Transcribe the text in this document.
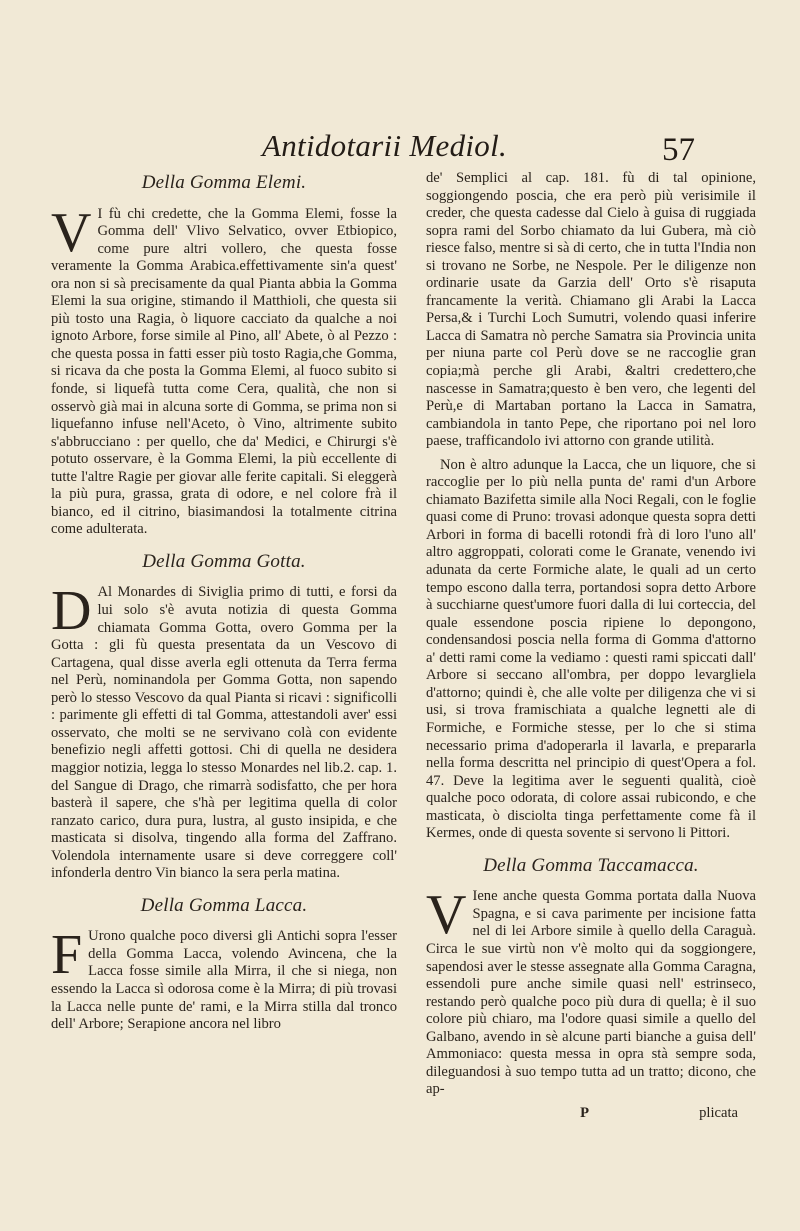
Antidotarii Mediol.	57
Della Gomma Elemi.

V I fù chi credette, che la Gomma Elemi, fosse la Gomma dell' Vlivo Selvatico, ovver Etbiopico, come pure altri vollero, che questa fosse veramente la Gomma Arabica.effettivamente sin'a quest' ora non si sà precisamente da qual Pianta abbia la Gomma Elemi la sua origine, stimando il Matthioli, che questa sii più tosto una Ragia, ò liquore cacciato da qualche a noi ignoto Arbore, forse simile al Pino, all' Abete, ò al Pezzo : che questa possa in fatti esser più tosto Ragia,che Gomma, si ricava da che posta la Gomma Elemi, al fuoco subito si fonde, si liquefà tutta come Cera, qualità, che non si osservò già mai in alcuna sorte di Gomma, se prima non si liquefanno infuse nell'Aceto, ò Vino, altrimente subito s'abbrucciano : per quello, che da' Medici, e Chirurgi s'è potuto osservare, è la Gomma Elemi, la più eccellente di tutte l'altre Ragie per giovar alle ferite capitali. Si eleggerà la più pura, grassa, grata di odore, e nel colore frà il bianco, ed il citrino, biasimandosi la totalmente citrina come adulterata.

Della Gomma Gotta.

D Al Monardes di Siviglia primo di tutti, e forsi da lui solo s'è avuta notizia di questa Gomma chiamata Gomma Gotta, overo Gomma per la Gotta : gli fù questa presentata da un Vescovo di Cartagena, qual disse averla egli ottenuta da Terra ferma nel Perù, nominandola per Gomma Gotta, non sapendo però lo stesso Vescovo da qual Pianta si ricavi : significolli : parimente gli effetti di tal Gomma, attestandoli aver' essi osservato, che molti se ne servivano colà con evidente benefizio negli affetti gottosi. Chi di quella ne desidera maggior notizia, legga lo stesso Monardes nel lib.2. cap. 1. del Sangue di Drago, che rimarrà sodisfatto, che per hora basterà il sapere, che s'hà per legitima quella di color ranzato carico, dura pura, lustra, al gusto insipida, e che masticata si disolva, tingendo alla forma del Zaffrano. Volendola internamente usare si deve correggere coll' infonderla dentro Vin bianco la sera perla matina.

Della Gomma Lacca.

F Urono qualche poco diversi gli Antichi sopra l'esser della Gomma Lacca, volendo Avincena, che la Lacca fosse simile alla Mirra, il che si niega, non essendo la Lacca sì odorosa come è la Mirra; di più trovasi la Lacca nelle punte de' rami, e la Mirra stilla dal tronco dell' Arbore; Serapione ancora nel libro

de' Semplici al cap. 181. fù di tal opinione, soggiongendo poscia, che era però più verisimile il creder, che questa cadesse dal Cielo à guisa di ruggiada sopra rami del Sorbo chiamato da lui Gubera, mà ciò riesce falso, mentre si sà di certo, che in tutta l'India non si trovano ne Sorbe, ne Nespole. Per le diligenze non ordinarie usate da Garzia dell' Orto s'è risaputa francamente la verità. Chiamano gli Arabi la Lacca Persa,& i Turchi Loch Sumutri, volendo quasi inferire Lacca di Samatra nò perche Samatra sia Provincia unita per niuna parte col Perù dove se ne raccoglie gran copia;mà perche gli Arabi, &altri credettero,che nascesse in Samatra;questo è ben vero, che legenti del Perù,e di Martaban portano la Lacca in Samatra, cambiandola in tanto Pepe, che riportano poi nel loro paese, trafficandolo ivi attorno con grande utilità.

Non è altro adunque la Lacca, che un liquore, che si raccoglie per lo più nella punta de' rami d'un Arbore chiamato Bazifetta simile alla Noci Regali, con le foglie quasi come di Pruno: trovasi adonque questa sopra detti Arbori in forma di bacelli rotondi frà di loro l'uno all' altro aggroppati, colorati come le Granate, venendo ivi adunata da certe Formiche alate, le quali ad un certo tempo escono dalla terra, portandosi sopra detto Arbore à succhiarne quest'umore fuori dalla di lui corteccia, del quale essendone poscia ripiene lo depongono, condensandosi poscia nella forma di Gomma d'attorno a' detti rami come la vediamo : questi rami spiccati dall' Arbore si seccano all'ombra, per doppo levargliela d'attorno; quindi è, che alle volte per diligenza che vi si usi, si trova framischiata a qualche legnetti ale di Formiche, e Formiche stesse, per lo che si stima necessario prima d'adoperarla il lavarla, e prepararla nella forma descritta nel principio di quest'Opera a fol. 47. Deve la legitima aver le seguenti qualità, cioè qualche poco odorata, di colore assai rubicondo, e che masticata, ò disciolta tinga perfettamente come fà il Kermes, onde di questa sovente si servono li Pittori.

Della Gomma Taccamacca.

V Iene anche questa Gomma portata dalla Nuova Spagna, e si cava parimente per incisione fatta nel di lei Arbore simile à quello della Caraguà. Circa le sue virtù non v'è molto qui da soggiongere, sapendosi aver le stesse assegnate alla Gomma Caragna, essendoli pure anche simile quasi nell' estrinseco, restando però qualche poco più dura di quella; è il suo colore più chiaro, ma l'odore quasi simile a quello del Galbano, avendo in sè alcune parti bianche a guisa dell' Ammoniaco: questa messa in opra stà sempre soda, dileguandosi à suo tempo tutta ad un tratto; dicono, che ap-

P	plicata
